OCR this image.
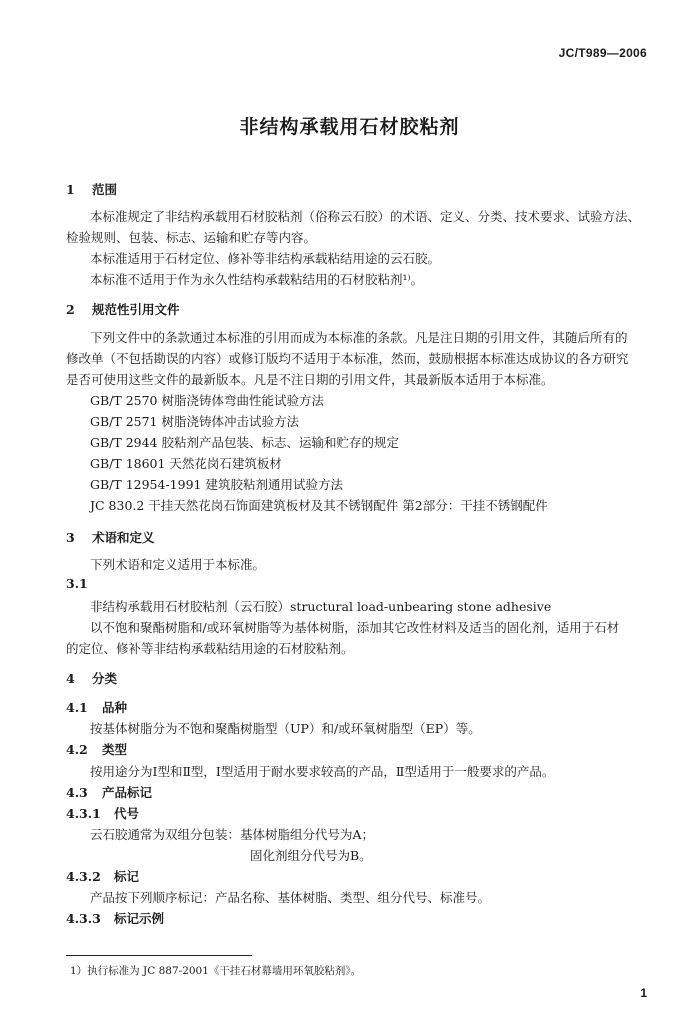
JC/T989—2006
非结构承载用石材胶粘剂
1 范围
本标准规定了非结构承载用石材胶粘剂（俗称云石胶）的术语、定义、分类、技术要求、试验方法、
检验规则、包装、标志、运输和贮存等内容。
本标准适用于石材定位、修补等非结构承载粘结用途的云石胶。
本标准不适用于作为永久性结构承载粘结用的石材胶粘剂¹⁾。
2 规范性引用文件
下列文件中的条款通过本标准的引用而成为本标准的条款。凡是注日期的引用文件，其随后所有的
修改单（不包括勘误的内容）或修订版均不适用于本标准，然而，鼓励根据本标准达成协议的各方研究
是否可使用这些文件的最新版本。凡是不注日期的引用文件，其最新版本适用于本标准。
GB/T 2570 树脂浇铸体弯曲性能试验方法
GB/T 2571 树脂浇铸体冲击试验方法
GB/T 2944 胶粘剂产品包装、标志、运输和贮存的规定
GB/T 18601 天然花岗石建筑板材
GB/T 12954-1991 建筑胶粘剂通用试验方法
JC 830.2 干挂天然花岗石饰面建筑板材及其不锈钢配件 第2部分：干挂不锈钢配件
3 术语和定义
下列术语和定义适用于本标准。
3.1
非结构承载用石材胶粘剂（云石胶）structural load-unbearing stone adhesive
以不饱和聚酯树脂和/或环氧树脂等为基体树脂，添加其它改性材料及适当的固化剂，适用于石材
的定位、修补等非结构承载粘结用途的石材胶粘剂。
4 分类
4.1 品种
按基体树脂分为不饱和聚酯树脂型（UP）和/或环氧树脂型（EP）等。
4.2 类型
按用途分为Ⅰ型和Ⅱ型，Ⅰ型适用于耐水要求较高的产品，Ⅱ型适用于一般要求的产品。
4.3 产品标记
4.3.1 代号
云石胶通常为双组分包装：基体树脂组分代号为A；
固化剂组分代号为B。
4.3.2 标记
产品按下列顺序标记：产品名称、基体树脂、类型、组分代号、标准号。
4.3.3 标记示例
1）执行标准为 JC 887-2001《干挂石材幕墙用环氧胶粘剂》。
1
